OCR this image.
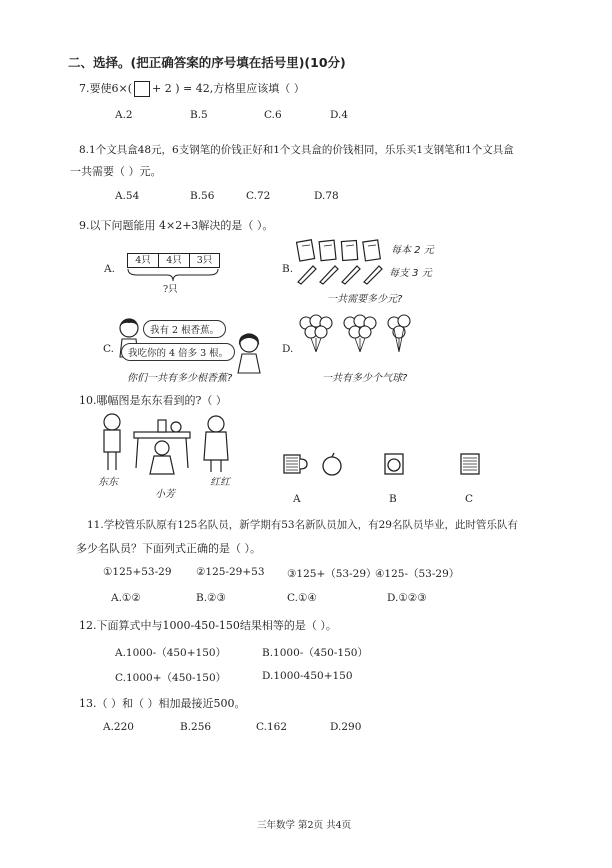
二、选择。(把正确答案的序号填在括号里)(10分)
7.要使6×( + 2 ) = 42,方格里应该填（ ）
A.2	B.5	C.6	D.4
8.1个文具盒48元，6支钢笔的价钱正好和1个文具盒的价钱相同，乐乐买1支钢笔和1个文具盒
一共需要（ ）元。
A.54	B.56	C.72	D.78
9.以下问题能用 4×2+3解决的是（ ）。
A.
4只	4只	3只
?只
B.
每本 2 元
每支 3 元
一共需要多少元?
C.
我有 2 根香蕉。
我吃你的 4 倍多 3 根。
你们一共有多少根香蕉?
D.
一共有多少个气球?
10.哪幅图是东东看到的?（ ）
东东
小芳
红红
A	B	C
11.学校管乐队原有125名队员，新学期有53名新队员加入，有29名队员毕业，此时管乐队有
多少名队员？下面列式正确的是（ ）。
①125+53-29 ②125-29+53 ③125+（53-29）
④125-（53-29）
A.①②	B.②③	C.①④	D.①②③
12.下面算式中与1000-450-150结果相等的是（ ）。
A.1000-（450+150）	B.1000-（450-150）
C.1000+（450-150）	D.1000-450+150
13.（ ）和（ ）相加最接近500。
A.220	B.256	C.162	D.290
三年数学 第2页 共4页
